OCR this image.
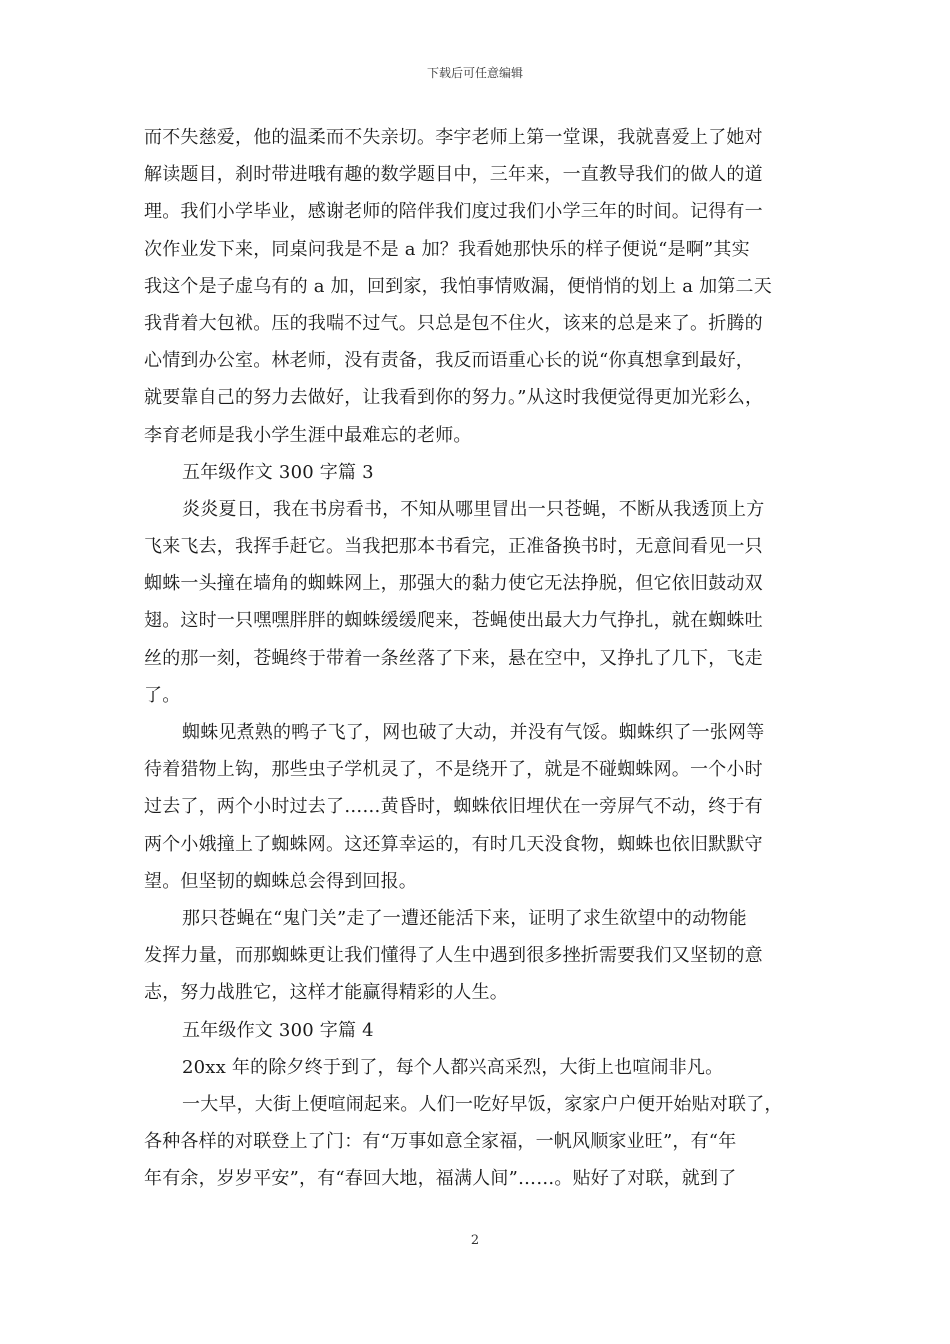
下载后可任意编辑
而不失慈爱，他的温柔而不失亲切。李宇老师上第一堂课，我就喜爱上了她对
解读题目，刹时带进哦有趣的数学题目中，三年来，一直教导我们的做人的道
理。我们小学毕业，感谢老师的陪伴我们度过我们小学三年的时间。记得有一
次作业发下来，同桌问我是不是 a 加？我看她那快乐的样子便说“是啊”其实
我这个是子虚乌有的 a 加，回到家，我怕事情败漏，便悄悄的划上 a 加第二天
我背着大包袱。压的我喘不过气。只总是包不住火，该来的总是来了。折腾的
心情到办公室。林老师，没有责备，我反而语重心长的说“你真想拿到最好，
就要靠自己的努力去做好，让我看到你的努力。”从这时我便觉得更加光彩么，
李育老师是我小学生涯中最难忘的老师。
五年级作文 300 字篇 3
炎炎夏日，我在书房看书，不知从哪里冒出一只苍蝇，不断从我透顶上方
飞来飞去，我挥手赶它。当我把那本书看完，正准备换书时，无意间看见一只
蜘蛛一头撞在墙角的蜘蛛网上，那强大的黏力使它无法挣脱，但它依旧鼓动双
翅。这时一只嘿嘿胖胖的蜘蛛缓缓爬来，苍蝇使出最大力气挣扎，就在蜘蛛吐
丝的那一刻，苍蝇终于带着一条丝落了下来，悬在空中，又挣扎了几下，飞走
了。
蜘蛛见煮熟的鸭子飞了，网也破了大动，并没有气馁。蜘蛛织了一张网等
待着猎物上钩，那些虫子学机灵了，不是绕开了，就是不碰蜘蛛网。一个小时
过去了，两个小时过去了……黄昏时，蜘蛛依旧埋伏在一旁屏气不动，终于有
两个小娥撞上了蜘蛛网。这还算幸运的，有时几天没食物，蜘蛛也依旧默默守
望。但坚韧的蜘蛛总会得到回报。
那只苍蝇在“鬼门关”走了一遭还能活下来，证明了求生欲望中的动物能
发挥力量，而那蜘蛛更让我们懂得了人生中遇到很多挫折需要我们又坚韧的意
志，努力战胜它，这样才能赢得精彩的人生。
五年级作文 300 字篇 4
20xx 年的除夕终于到了，每个人都兴高采烈，大街上也喧闹非凡。
一大早，大街上便喧闹起来。人们一吃好早饭，家家户户便开始贴对联了，
各种各样的对联登上了门：有“万事如意全家福，一帆风顺家业旺”，有“年
年有余，岁岁平安”，有“春回大地，福满人间”……。贴好了对联，就到了
2
